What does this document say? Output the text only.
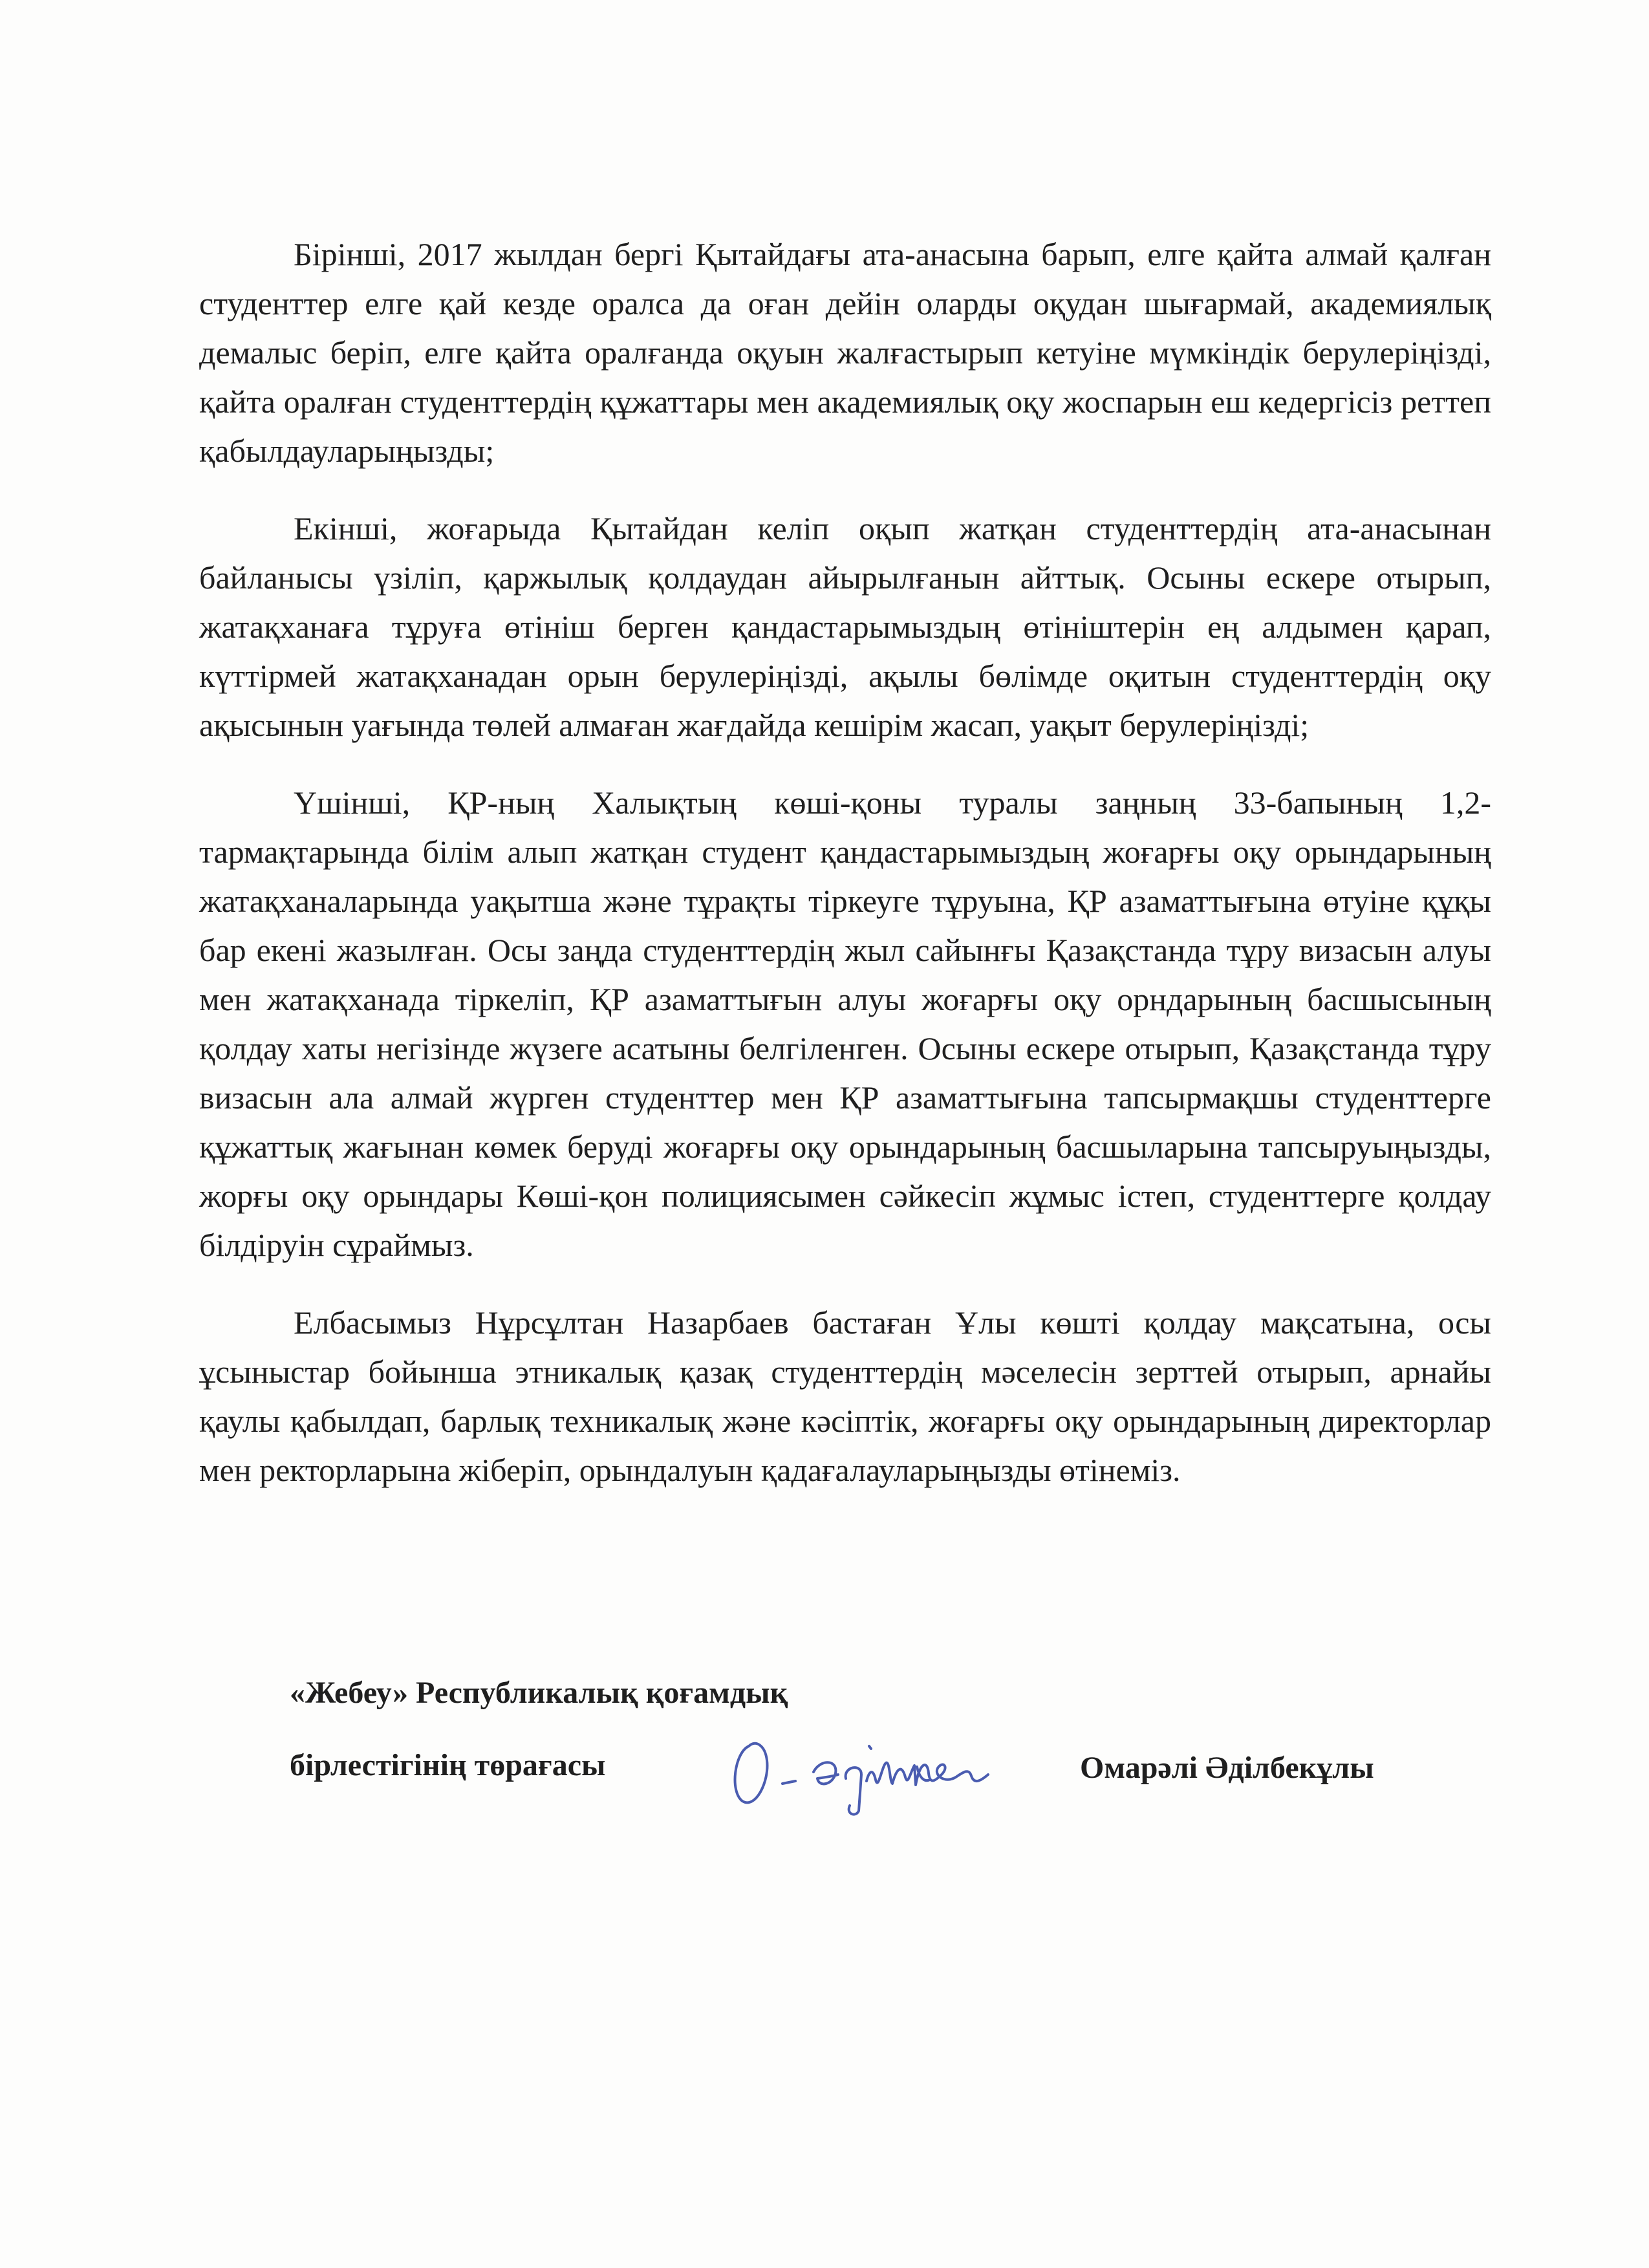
Бірінші, 2017 жылдан бергі Қытайдағы ата-анасына барып, елге қайта алмай қалған студенттер елге қай кезде оралса да оған дейін оларды оқудан шығармай, академиялық демалыс беріп, елге қайта оралғанда оқуын жалғастырып кетуіне мүмкіндік берулеріңізді, қайта оралған студенттердің құжаттары мен академиялық оқу жоспарын еш кедергісіз реттеп қабылдауларыңызды;

Екінші, жоғарыда Қытайдан келіп оқып жатқан студенттердің ата-анасынан байланысы үзіліп, қаржылық қолдаудан айырылғанын айттық. Осыны ескере отырып, жатақханаға тұруға өтініш берген қандастарымыздың өтініштерін ең алдымен қарап, күттірмей жатақханадан орын берулеріңізді, ақылы бөлімде оқитын студенттердің оқу ақысынын уағында төлей алмаған жағдайда кешірім жасап, уақыт берулеріңізді;

Үшінші, ҚР-ның Халықтың көші-қоны туралы заңның 33-бапының 1,2-тармақтарында білім алып жатқан студент қандастарымыздың жоғарғы оқу орындарының жатақханаларында уақытша және тұрақты тіркеуге тұруына, ҚР азаматтығына өтуіне құқы бар екені жазылған. Осы заңда студенттердің жыл сайынғы Қазақстанда тұру визасын алуы мен жатақханада тіркеліп, ҚР азаматтығын алуы жоғарғы оқу орндарының басшысының қолдау хаты негізінде жүзеге асатыны белгіленген. Осыны ескере отырып, Қазақстанда тұру визасын ала алмай жүрген студенттер мен ҚР азаматтығына тапсырмақшы студенттерге құжаттық жағынан көмек беруді жоғарғы оқу орындарының басшыларына тапсыруыңызды, жорғы оқу орындары Көші-қон полициясымен сәйкесіп жұмыс істеп, студенттерге қолдау білдіруін сұраймыз.

Елбасымыз Нұрсұлтан Назарбаев бастаған Ұлы көшті қолдау мақсатына, осы ұсыныстар бойынша этникалық қазақ студенттердің мәселесін зерттей отырып, арнайы қаулы қабылдап, барлық техникалық және кәсіптік, жоғарғы оқу орындарының директорлар мен ректорларына жіберіп, орындалуын қадағалауларыңызды өтінеміз.

«Жебеу» Республикалық қоғамдық
бірлестігінің төрағасы	Омарәлі Әділбекұлы
